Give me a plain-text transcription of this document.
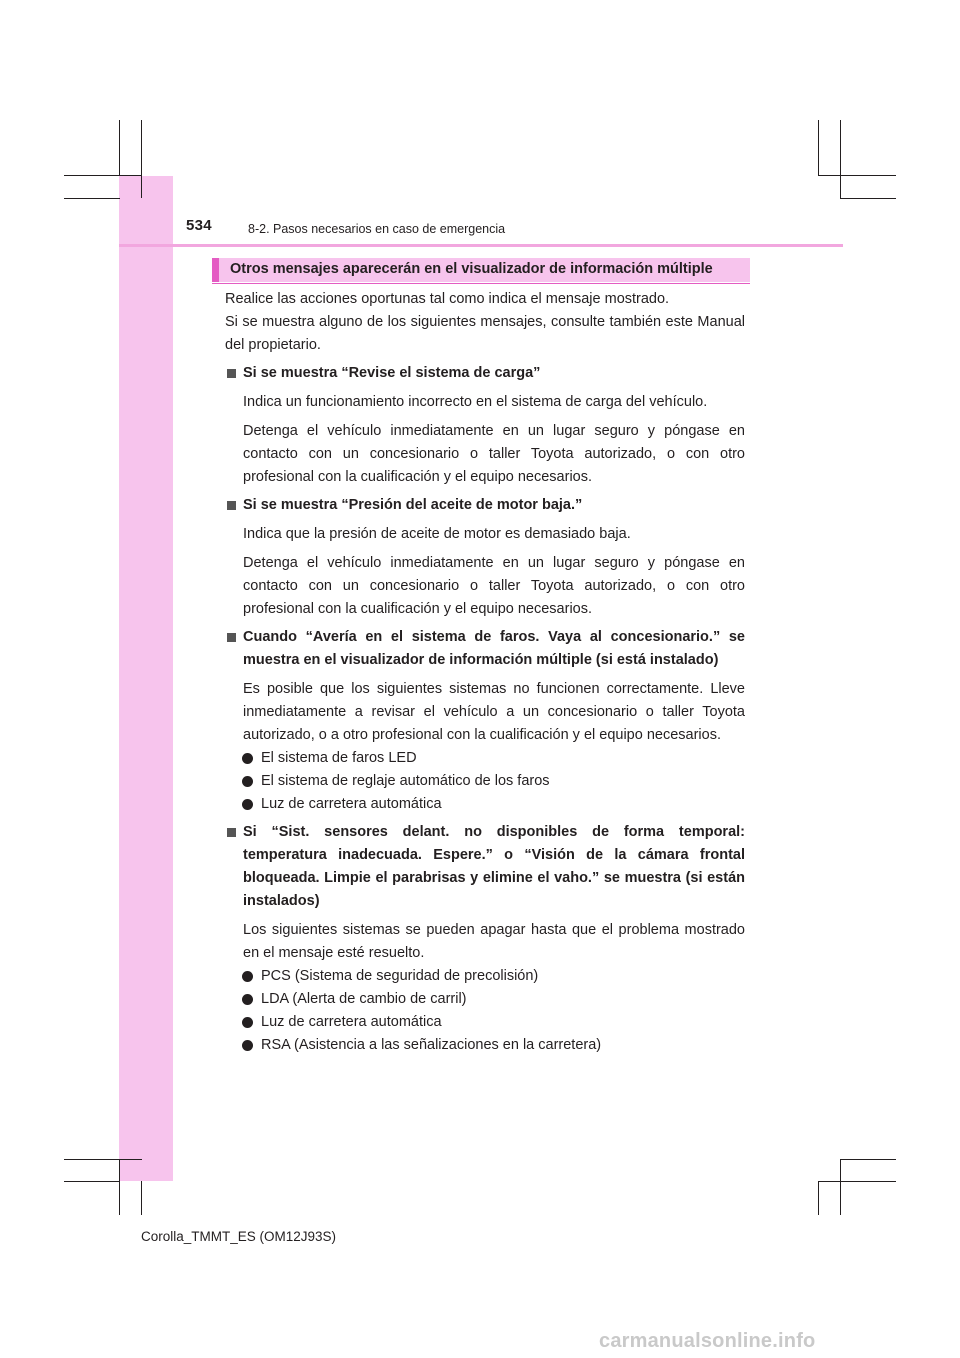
534	8-2. Pasos necesarios en caso de emergencia
Otros mensajes aparecerán en el visualizador de información múltiple

Realice las acciones oportunas tal como indica el mensaje mostrado.

Si se muestra alguno de los siguientes mensajes, consulte también este Manual del propietario.

Si se muestra “Revise el sistema de carga”

Indica un funcionamiento incorrecto en el sistema de carga del vehículo.

Detenga el vehículo inmediatamente en un lugar seguro y póngase en contacto con un concesionario o taller Toyota autorizado, o con otro profesional con la cualificación y el equipo necesarios.

Si se muestra “Presión del aceite de motor baja.”

Indica que la presión de aceite de motor es demasiado baja.

Detenga el vehículo inmediatamente en un lugar seguro y póngase en contacto con un concesionario o taller Toyota autorizado, o con otro profesional con la cualificación y el equipo necesarios.

Cuando “Avería en el sistema de faros. Vaya al concesionario.” se muestra en el visualizador de información múltiple (si está instalado)

Es posible que los siguientes sistemas no funcionen correctamente. Lleve inmediatamente a revisar el vehículo a un concesionario o taller Toyota autorizado, o a otro profesional con la cualificación y el equipo necesarios.

El sistema de faros LED

El sistema de reglaje automático de los faros

Luz de carretera automática

Si “Sist. sensores delant. no disponibles de forma temporal: temperatura inadecuada. Espere.” o “Visión de la cámara frontal bloqueada. Limpie el parabrisas y elimine el vaho.” se muestra (si están instalados)

Los siguientes sistemas se pueden apagar hasta que el problema mostrado en el mensaje esté resuelto.

PCS (Sistema de seguridad de precolisión)

LDA (Alerta de cambio de carril)

Luz de carretera automática

RSA (Asistencia a las señalizaciones en la carretera)

Corolla_TMMT_ES (OM12J93S)
carmanualsonline.info
